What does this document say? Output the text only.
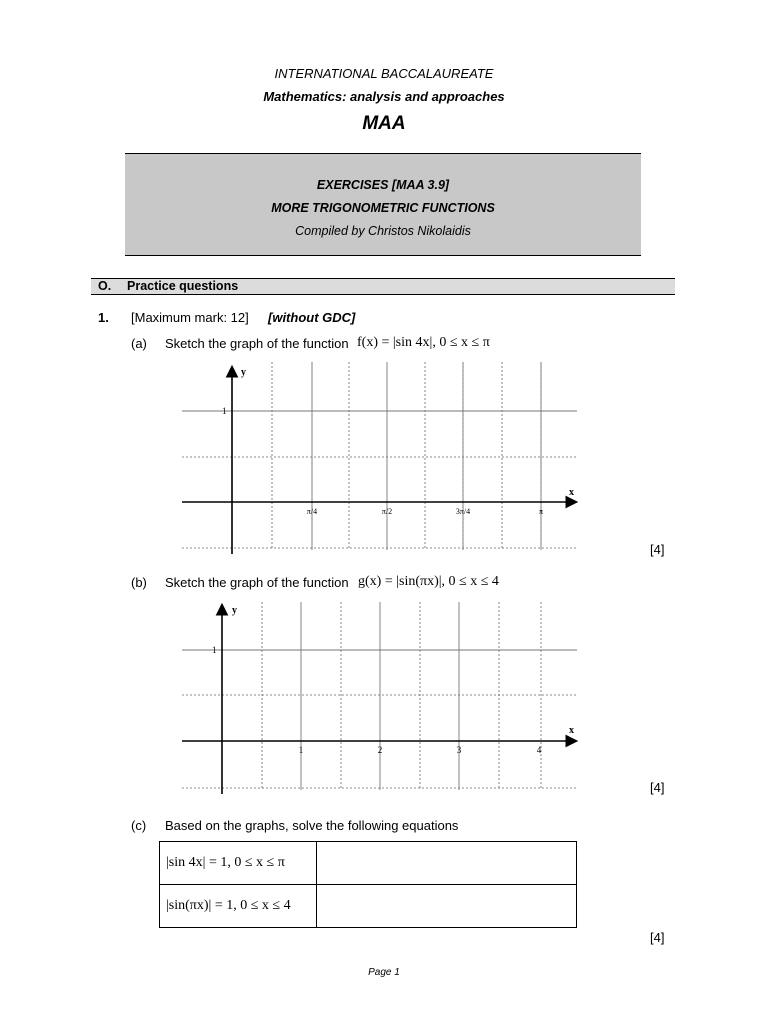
INTERNATIONAL BACCALAUREATE
Mathematics: analysis and approaches
MAA
EXERCISES [MAA 3.9]
MORE TRIGONOMETRIC FUNCTIONS
Compiled by Christos Nikolaidis
O. Practice questions
1. [Maximum mark: 12] [without GDC]
(a) Sketch the graph of the function f(x) = |sin 4x|, 0 ≤ x ≤ π
y
x
1
π/4	π/2	3π/4	π
[4]
(b) Sketch the graph of the function g(x) = |sin(πx)|, 0 ≤ x ≤ 4
y
x
1
1	2	3	4
[4]
(c) Based on the graphs, solve the following equations
|sin 4x| = 1, 0 ≤ x ≤ π	
|sin(πx)| = 1, 0 ≤ x ≤ 4	
[4]
Page 1
